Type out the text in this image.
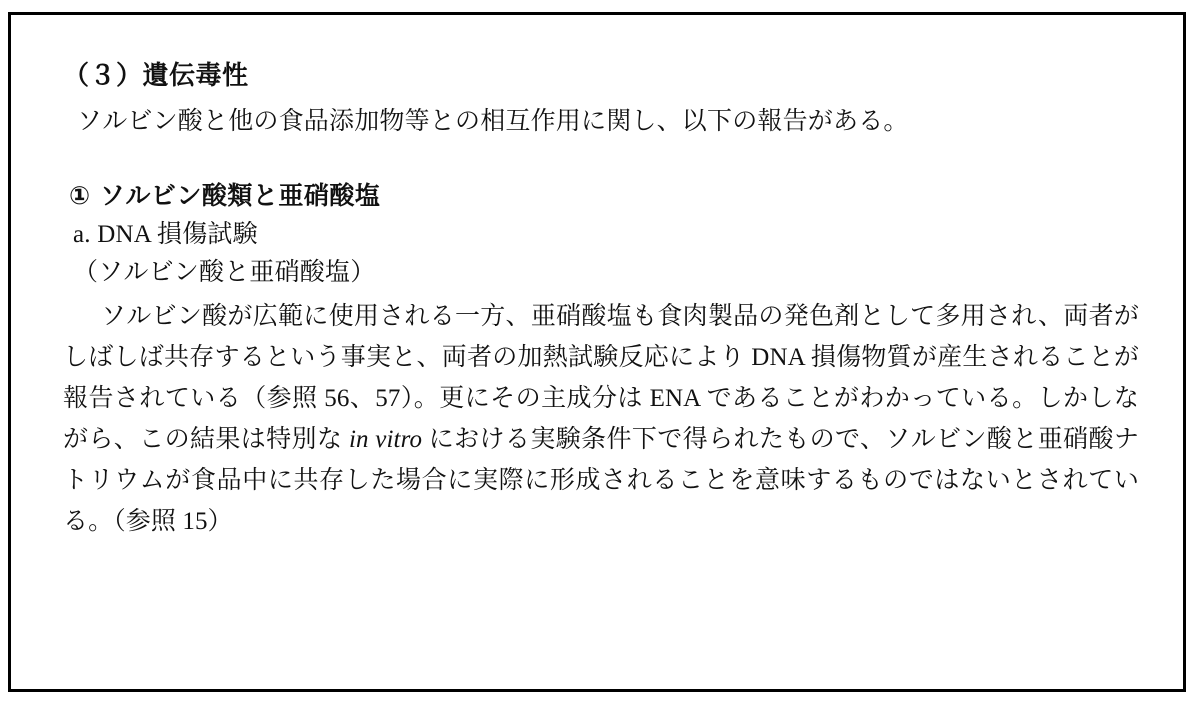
（３）遺伝毒性

ソルビン酸と他の食品添加物等との相互作用に関し、以下の報告がある。

① ソルビン酸類と亜硝酸塩

a. DNA 損傷試験

（ソルビン酸と亜硝酸塩）

ソルビン酸が広範に使用される一方、亜硝酸塩も食肉製品の発色剤として多用され、両者がしばしば共存するという事実と、両者の加熱試験反応により DNA 損傷物質が産生されることが報告されている（参照 56、57）。更にその主成分は ENA であることがわかっている。しかしながら、この結果は特別な in vitro における実験条件下で得られたもので、ソルビン酸と亜硝酸ナトリウムが食品中に共存した場合に実際に形成されることを意味するものではないとされている。（参照 15）
